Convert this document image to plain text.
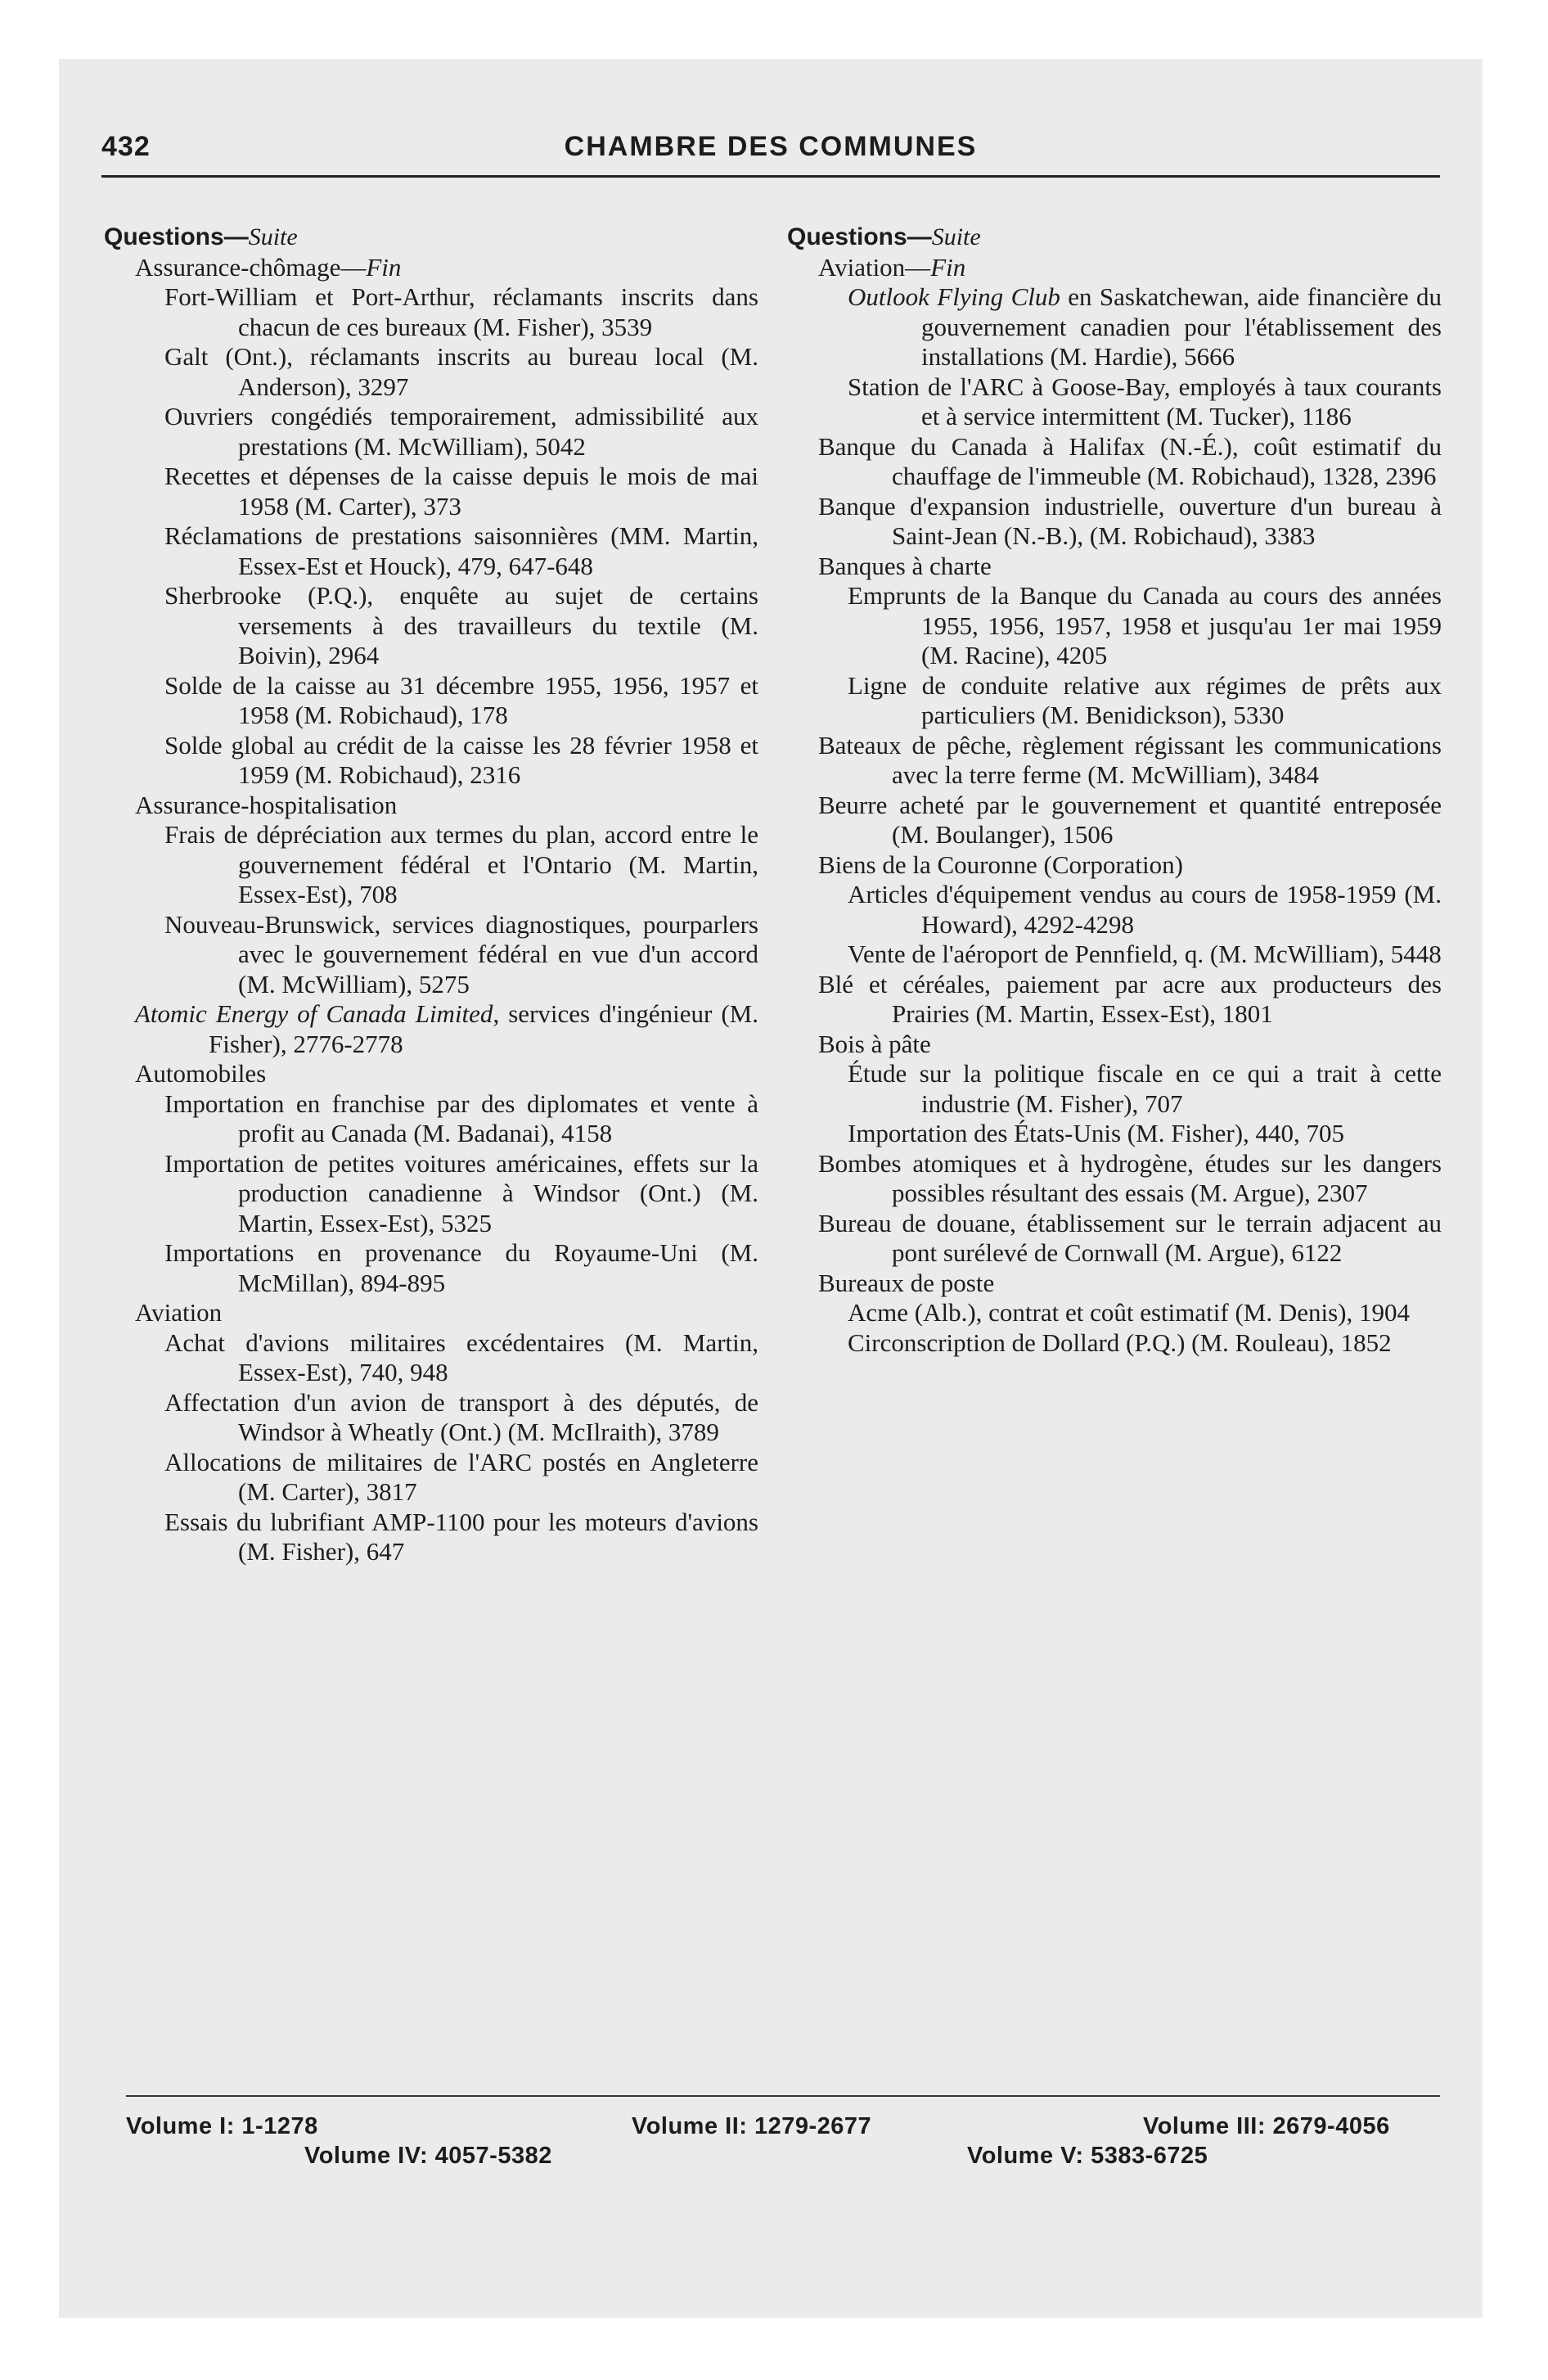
432	CHAMBRE DES COMMUNES
Questions—Suite
Assurance-chômage—Fin
Fort-William et Port-Arthur, réclamants inscrits dans chacun de ces bureaux (M. Fisher), 3539
Galt (Ont.), réclamants inscrits au bureau local (M. Anderson), 3297
Ouvriers congédiés temporairement, admissibilité aux prestations (M. McWilliam), 5042
Recettes et dépenses de la caisse depuis le mois de mai 1958 (M. Carter), 373
Réclamations de prestations saisonnières (MM. Martin, Essex-Est et Houck), 479, 647-648
Sherbrooke (P.Q.), enquête au sujet de certains versements à des travailleurs du textile (M. Boivin), 2964
Solde de la caisse au 31 décembre 1955, 1956, 1957 et 1958 (M. Robichaud), 178
Solde global au crédit de la caisse les 28 février 1958 et 1959 (M. Robichaud), 2316
Assurance-hospitalisation
Frais de dépréciation aux termes du plan, accord entre le gouvernement fédéral et l'Ontario (M. Martin, Essex-Est), 708
Nouveau-Brunswick, services diagnostiques, pourparlers avec le gouvernement fédéral en vue d'un accord (M. McWilliam), 5275
Atomic Energy of Canada Limited, services d'ingénieur (M. Fisher), 2776-2778
Automobiles
Importation en franchise par des diplomates et vente à profit au Canada (M. Badanai), 4158
Importation de petites voitures américaines, effets sur la production canadienne à Windsor (Ont.) (M. Martin, Essex-Est), 5325
Importations en provenance du Royaume-Uni (M. McMillan), 894-895
Aviation
Achat d'avions militaires excédentaires (M. Martin, Essex-Est), 740, 948
Affectation d'un avion de transport à des députés, de Windsor à Wheatly (Ont.) (M. McIlraith), 3789
Allocations de militaires de l'ARC postés en Angleterre (M. Carter), 3817
Essais du lubrifiant AMP-1100 pour les moteurs d'avions (M. Fisher), 647
Questions—Suite
Aviation—Fin
Outlook Flying Club en Saskatchewan, aide financière du gouvernement canadien pour l'établissement des installations (M. Hardie), 5666
Station de l'ARC à Goose-Bay, employés à taux courants et à service intermittent (M. Tucker), 1186
Banque du Canada à Halifax (N.-É.), coût estimatif du chauffage de l'immeuble (M. Robichaud), 1328, 2396
Banque d'expansion industrielle, ouverture d'un bureau à Saint-Jean (N.-B.), (M. Robichaud), 3383
Banques à charte
Emprunts de la Banque du Canada au cours des années 1955, 1956, 1957, 1958 et jusqu'au 1er mai 1959 (M. Racine), 4205
Ligne de conduite relative aux régimes de prêts aux particuliers (M. Benidickson), 5330
Bateaux de pêche, règlement régissant les communications avec la terre ferme (M. McWilliam), 3484
Beurre acheté par le gouvernement et quantité entreposée (M. Boulanger), 1506
Biens de la Couronne (Corporation)
Articles d'équipement vendus au cours de 1958-1959 (M. Howard), 4292-4298
Vente de l'aéroport de Pennfield, q. (M. McWilliam), 5448
Blé et céréales, paiement par acre aux producteurs des Prairies (M. Martin, Essex-Est), 1801
Bois à pâte
Étude sur la politique fiscale en ce qui a trait à cette industrie (M. Fisher), 707
Importation des États-Unis (M. Fisher), 440, 705
Bombes atomiques et à hydrogène, études sur les dangers possibles résultant des essais (M. Argue), 2307
Bureau de douane, établissement sur le terrain adjacent au pont surélevé de Cornwall (M. Argue), 6122
Bureaux de poste
Acme (Alb.), contrat et coût estimatif (M. Denis), 1904
Circonscription de Dollard (P.Q.) (M. Rouleau), 1852
Volume I: 1-1278	Volume II: 1279-2677	Volume III: 2679-4056
Volume IV: 4057-5382	Volume V: 5383-6725
